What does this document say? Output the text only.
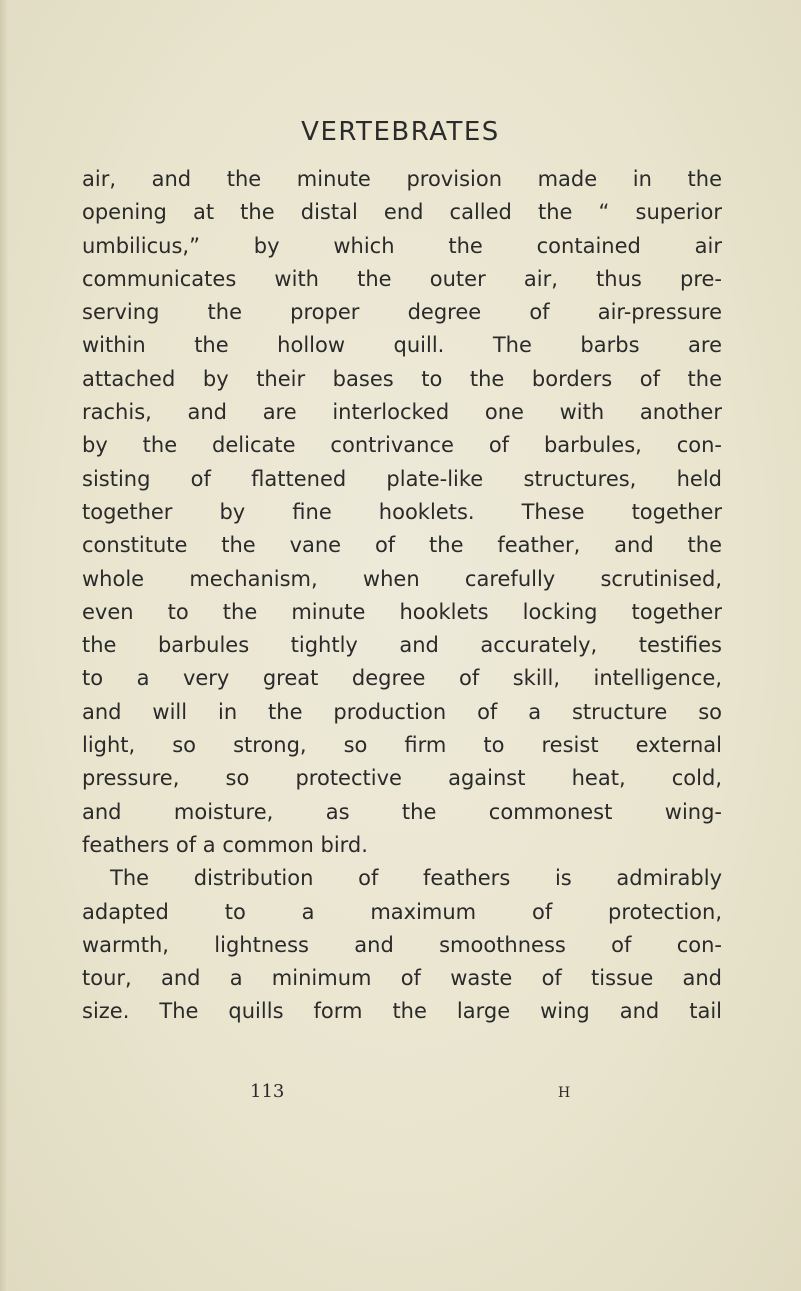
VERTEBRATES
air, and the minute provision made in the
opening at the distal end called the “ superior
umbilicus,” by which the contained air
communicates with the outer air, thus pre-
serving the proper degree of air-pressure
within the hollow quill. The barbs are
attached by their bases to the borders of the
rachis, and are interlocked one with another
by the delicate contrivance of barbules, con-
sisting of flattened plate-like structures, held
together by fine hooklets. These together
constitute the vane of the feather, and the
whole mechanism, when carefully scrutinised,
even to the minute hooklets locking together
the barbules tightly and accurately, testifies
to a very great degree of skill, intelligence,
and will in the production of a structure so
light, so strong, so firm to resist external
pressure, so protective against heat, cold,
and moisture, as the commonest wing-
feathers of a common bird.
The distribution of feathers is admirably
adapted to a maximum of protection,
warmth, lightness and smoothness of con-
tour, and a minimum of waste of tissue and
size. The quills form the large wing and tail
113	H
